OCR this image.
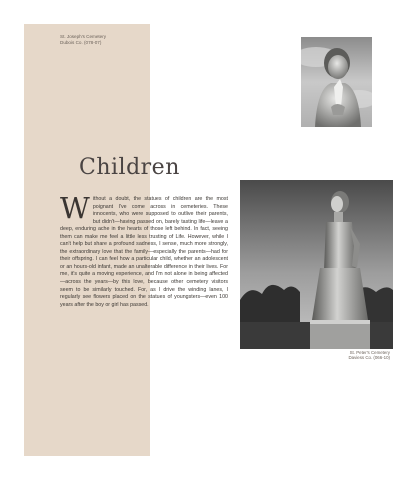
St. Joseph's Cemetery
Dubois Co. (078-07)
Children
Without a doubt, the statues of children are the most poignant I've come across in cemeteries. These innocents, who were supposed to outlive their parents, but didn't—having passed on, barely tasting life—leave a deep, enduring ache in the hearts of those left behind. In fact, seeing them can make me feel a little less trusting of Life. However, while I can't help but share a profound sadness, I sense, much more strongly, the extraordinary love that the family—especially the parents—had for their offspring. I can feel how a particular child, whether an adolescent or an hours-old infant, made an unalterable difference in their lives. For me, it's quite a moving experience, and I'm not alone in being affected—across the years—by this love, because other cemetery visitors seem to be similarly touched. For, as I drive the winding lanes, I regularly see flowers placed on the statues of youngsters—even 100 years after the boy or girl has passed.
St. Peter's Cemetery
Daviess Co. (066-10)
